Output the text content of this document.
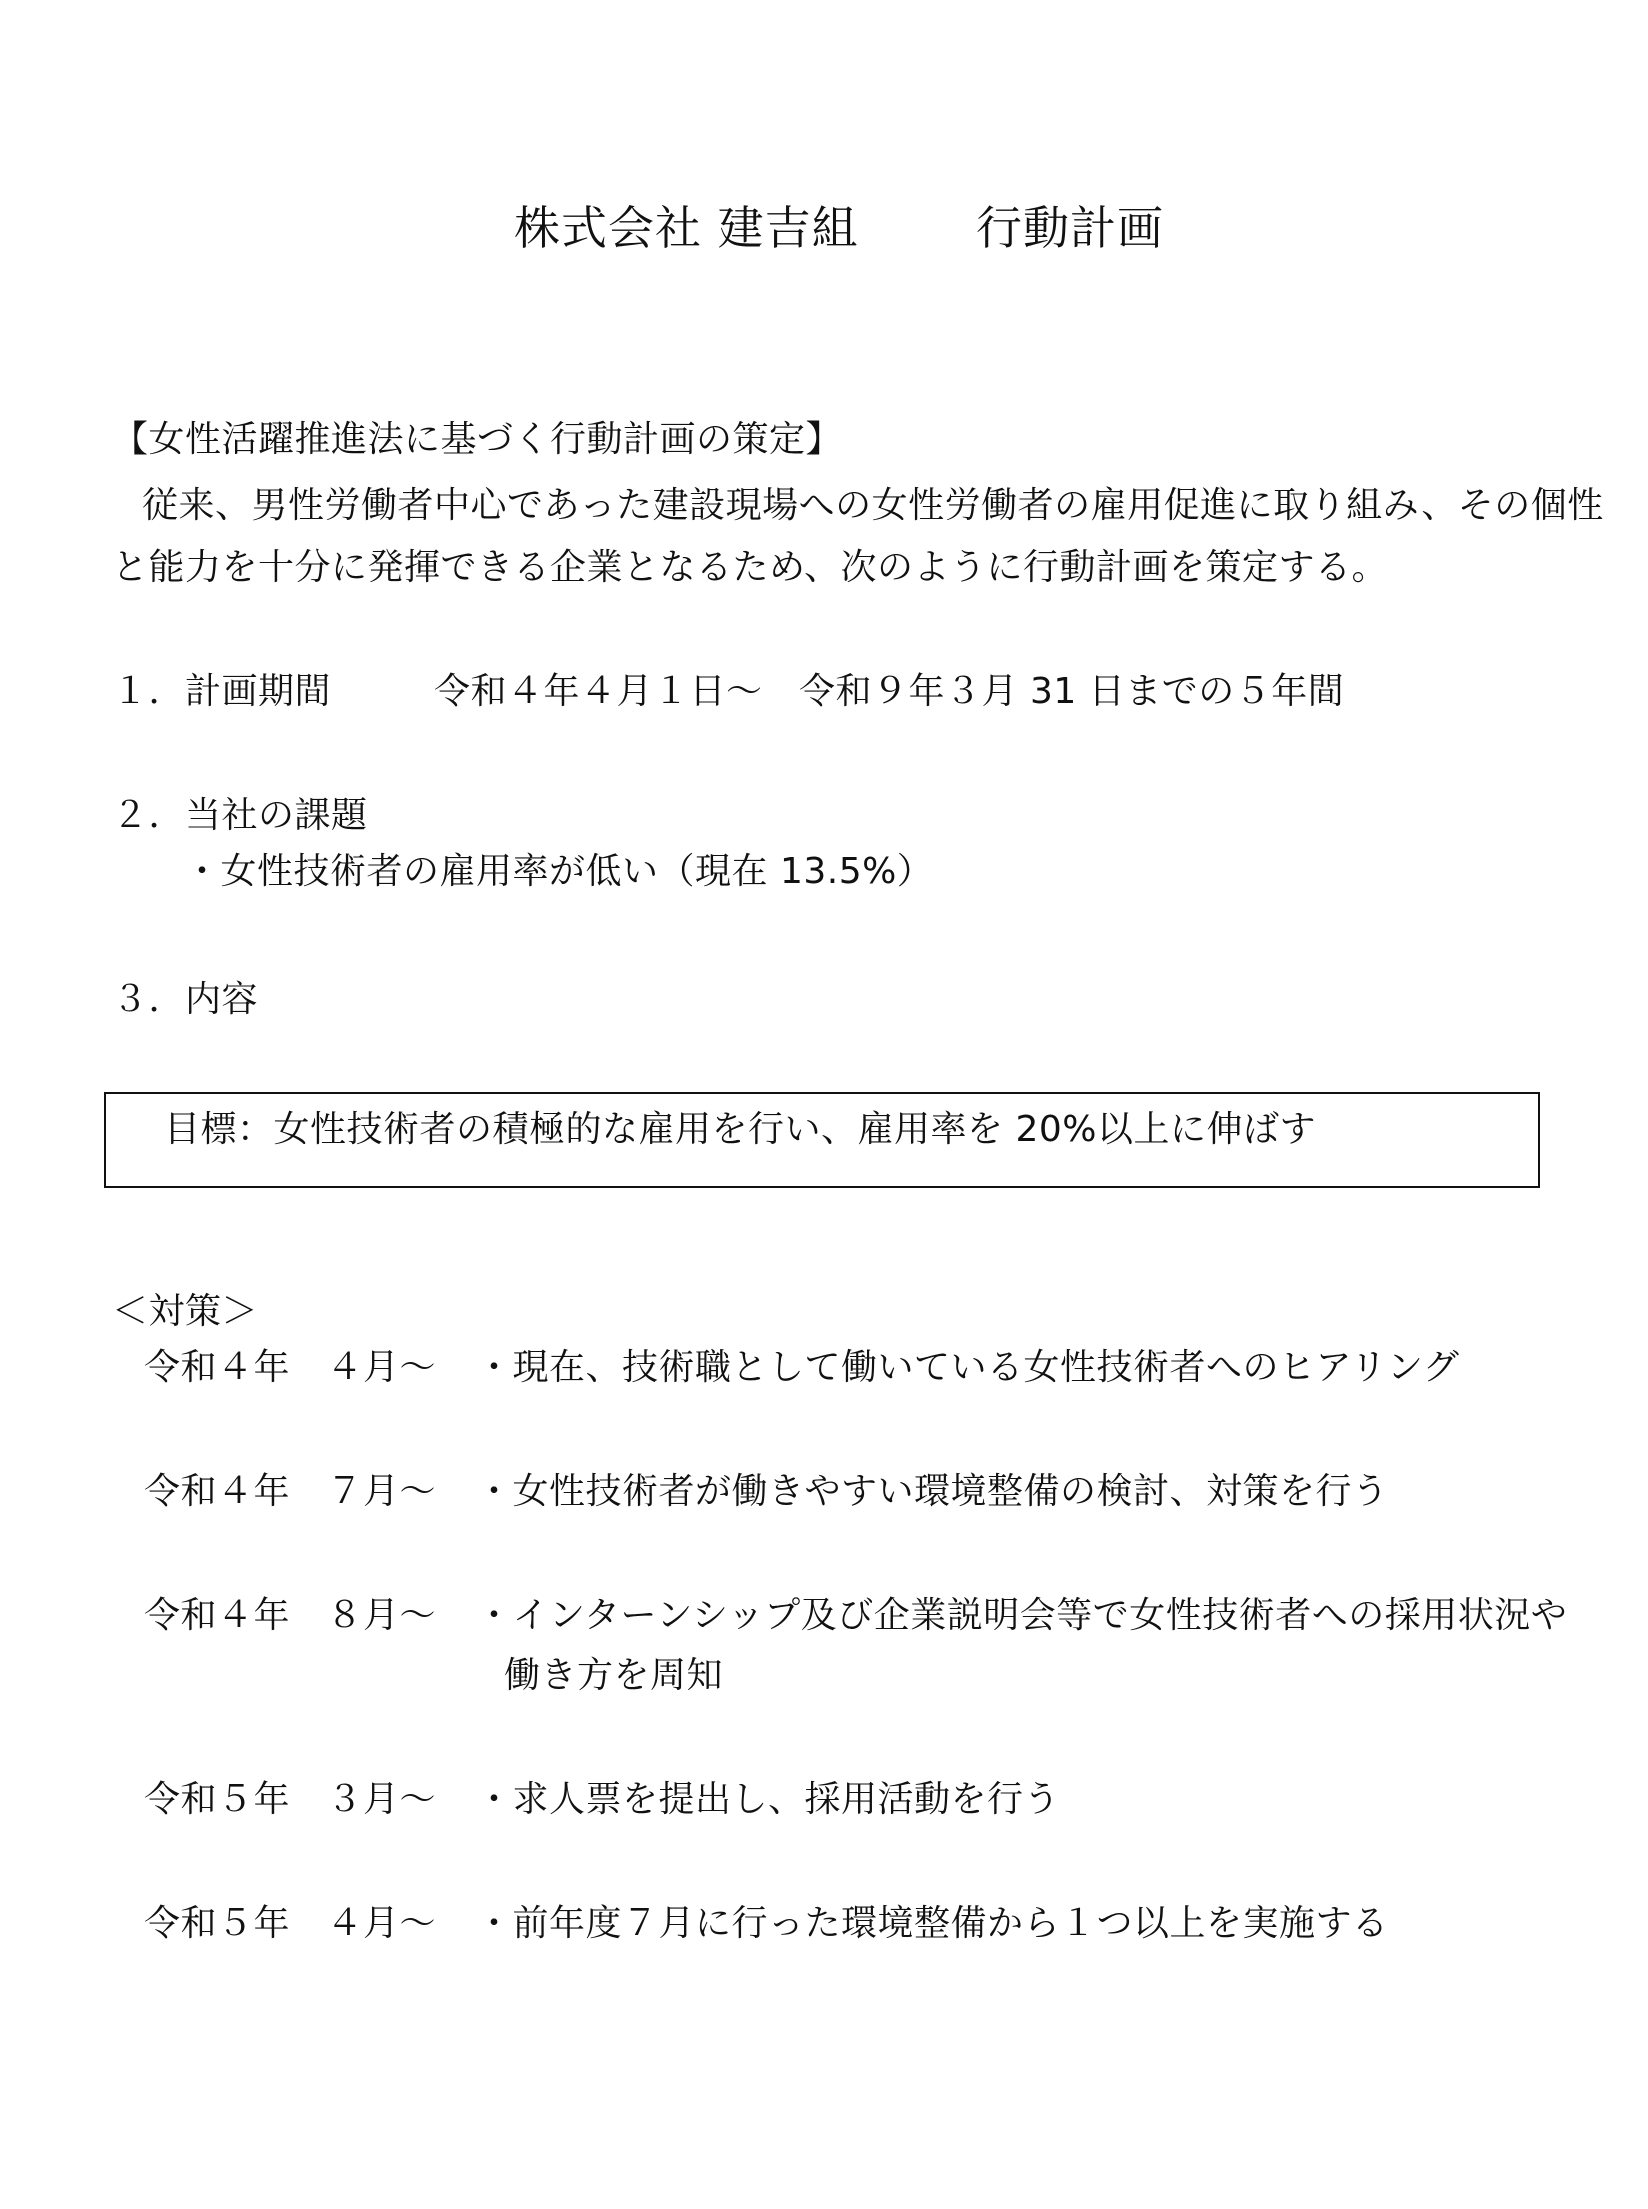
株式会社 建吉組	行動計画
【女性活躍推進法に基づく行動計画の策定】
従来、男性労働者中心であった建設現場への女性労働者の雇用促進に取り組み、その個性
と能力を十分に発揮できる企業となるため、次のように行動計画を策定する。
１．計画期間	令和４年４月１日～　令和９年３月 31 日までの５年間
２．当社の課題
・女性技術者の雇用率が低い（現在 13.5%）
３．内容
目標：女性技術者の積極的な雇用を行い、雇用率を 20%以上に伸ばす
＜対策＞
令和４年　４月～ ・現在、技術職として働いている女性技術者へのヒアリング
令和４年　７月～ ・女性技術者が働きやすい環境整備の検討、対策を行う
令和４年　８月～ ・インターンシップ及び企業説明会等で女性技術者への採用状況や
働き方を周知
令和５年　３月～ ・求人票を提出し、採用活動を行う
令和５年　４月～ ・前年度７月に行った環境整備から１つ以上を実施する
